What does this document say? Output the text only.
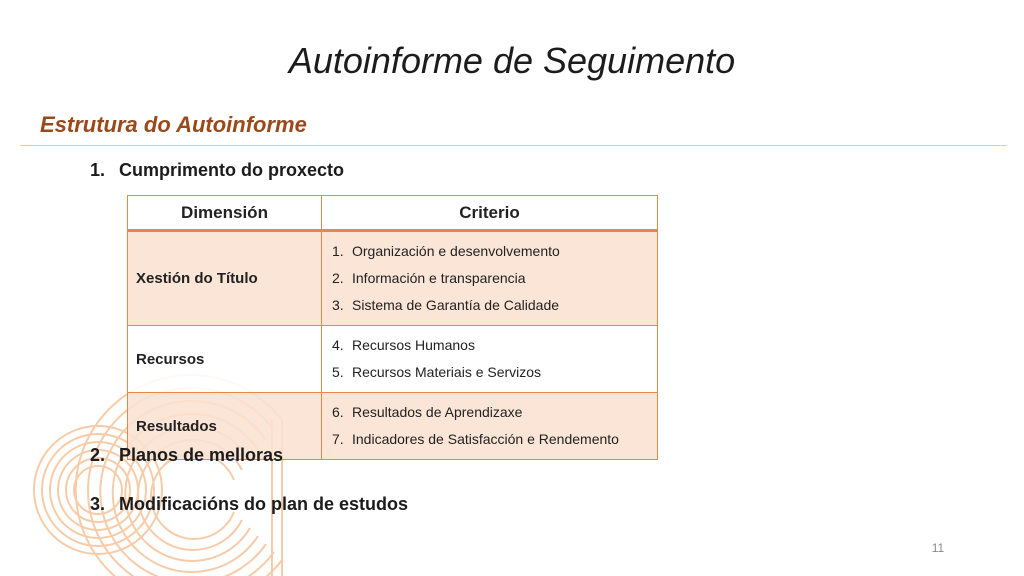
Autoinforme de Seguimento
Estrutura do Autoinforme
1. Cumprimento do proxecto
Dimensión	Criterio
Xestión do Título	1. Organización e desenvolvemento
2. Información e transparencia
3. Sistema de Garantía de Calidade

Recursos	4. Recursos Humanos
5. Recursos Materiais e Servizos

Resultados	6. Resultados de Aprendizaxe
7. Indicadores de Satisfacción e Rendemento
2. Planos de melloras
3. Modificacións do plan de estudos
11
